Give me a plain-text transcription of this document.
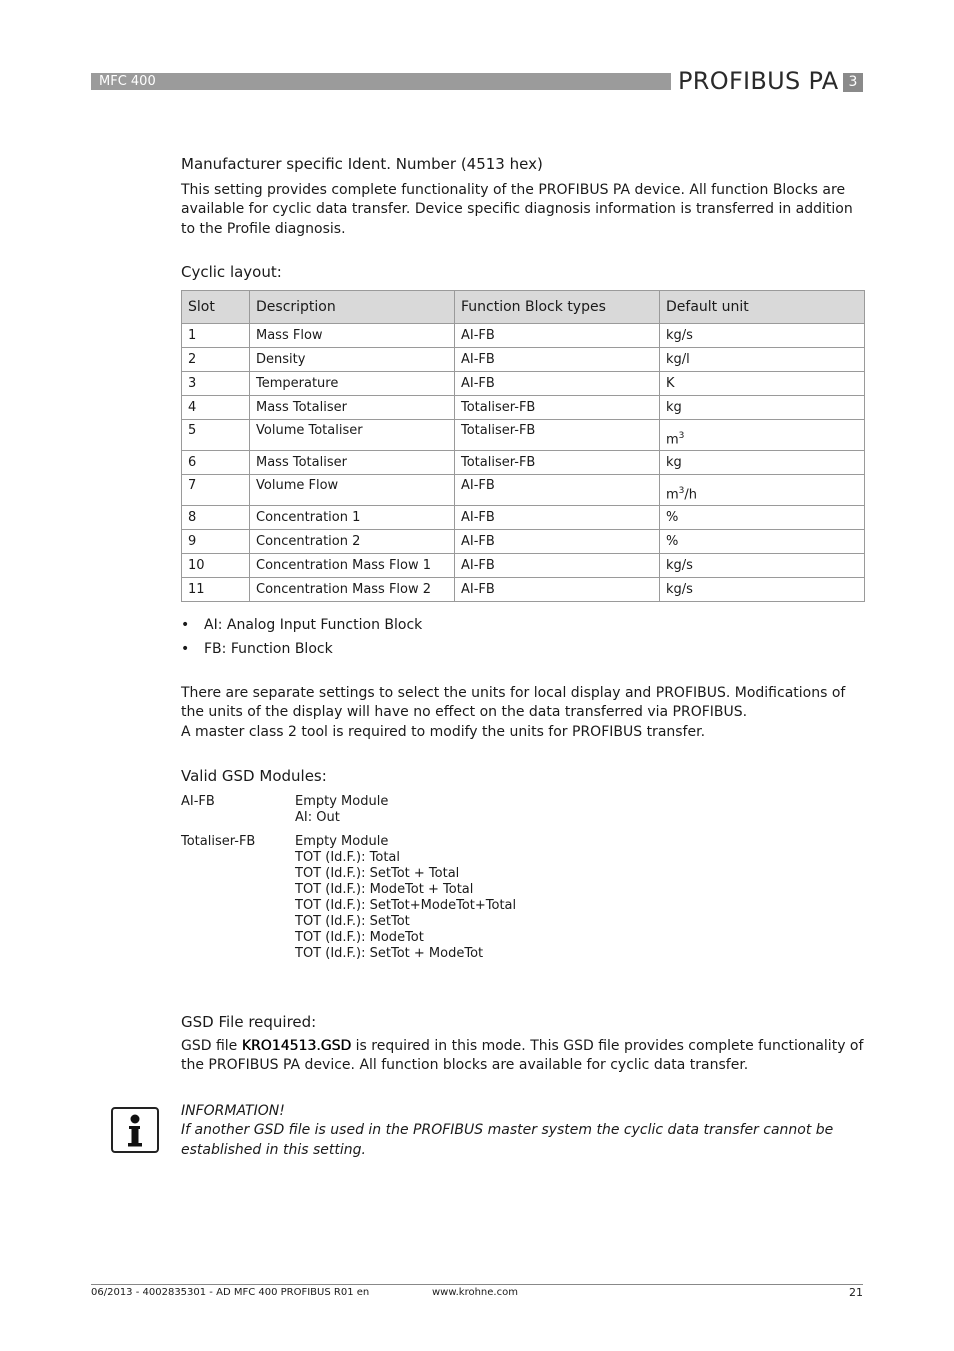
MFC 400	PROFIBUS PA 3
Manufacturer specific Ident. Number (4513 hex)

This setting provides complete functionality of the PROFIBUS PA device. All function Blocks are available for cyclic data transfer. Device specific diagnosis information is transferred in addition to the Profile diagnosis.

Cyclic layout:
Slot	Description	Function Block types	Default unit
1	Mass Flow	AI-FB	kg/s
2	Density	AI-FB	kg/l
3	Temperature	AI-FB	K
4	Mass Totaliser	Totaliser-FB	kg
5	Volume Totaliser	Totaliser-FB	$m^3$
6	Mass Totaliser	Totaliser-FB	kg
7	Volume Flow	AI-FB	$m^3/h$
8	Concentration 1	AI-FB	%
9	Concentration 2	AI-FB	%
10	Concentration Mass Flow 1	AI-FB	kg/s
11	Concentration Mass Flow 2	AI-FB	kg/s
•	AI: Analog Input Function Block
•	FB: Function Block

There are separate settings to select the units for local display and PROFIBUS. Modifications of the units of the display will have no effect on the data transferred via PROFIBUS.

A master class 2 tool is required to modify the units for PROFIBUS transfer.

Valid GSD Modules:
AI-FB	Empty Module
AI: Out
Totaliser-FB	Empty Module
TOT (Id.F.): Total
TOT (Id.F.): SetTot + Total
TOT (Id.F.): ModeTot + Total
TOT (Id.F.): SetTot+ModeTot+Total
TOT (Id.F.): SetTot
TOT (Id.F.): ModeTot
TOT (Id.F.): SetTot + ModeTot
GSD File required:

GSD file KRO14513.GSD is required in this mode. This GSD file provides complete functionality of the PROFIBUS PA device. All function blocks are available for cyclic data transfer.

INFORMATION!
If another GSD file is used in the PROFIBUS master system the cyclic data transfer cannot be established in this setting.
06/2013 - 4002835301 - AD MFC 400 PROFIBUS R01 en	www.krohne.com	21
